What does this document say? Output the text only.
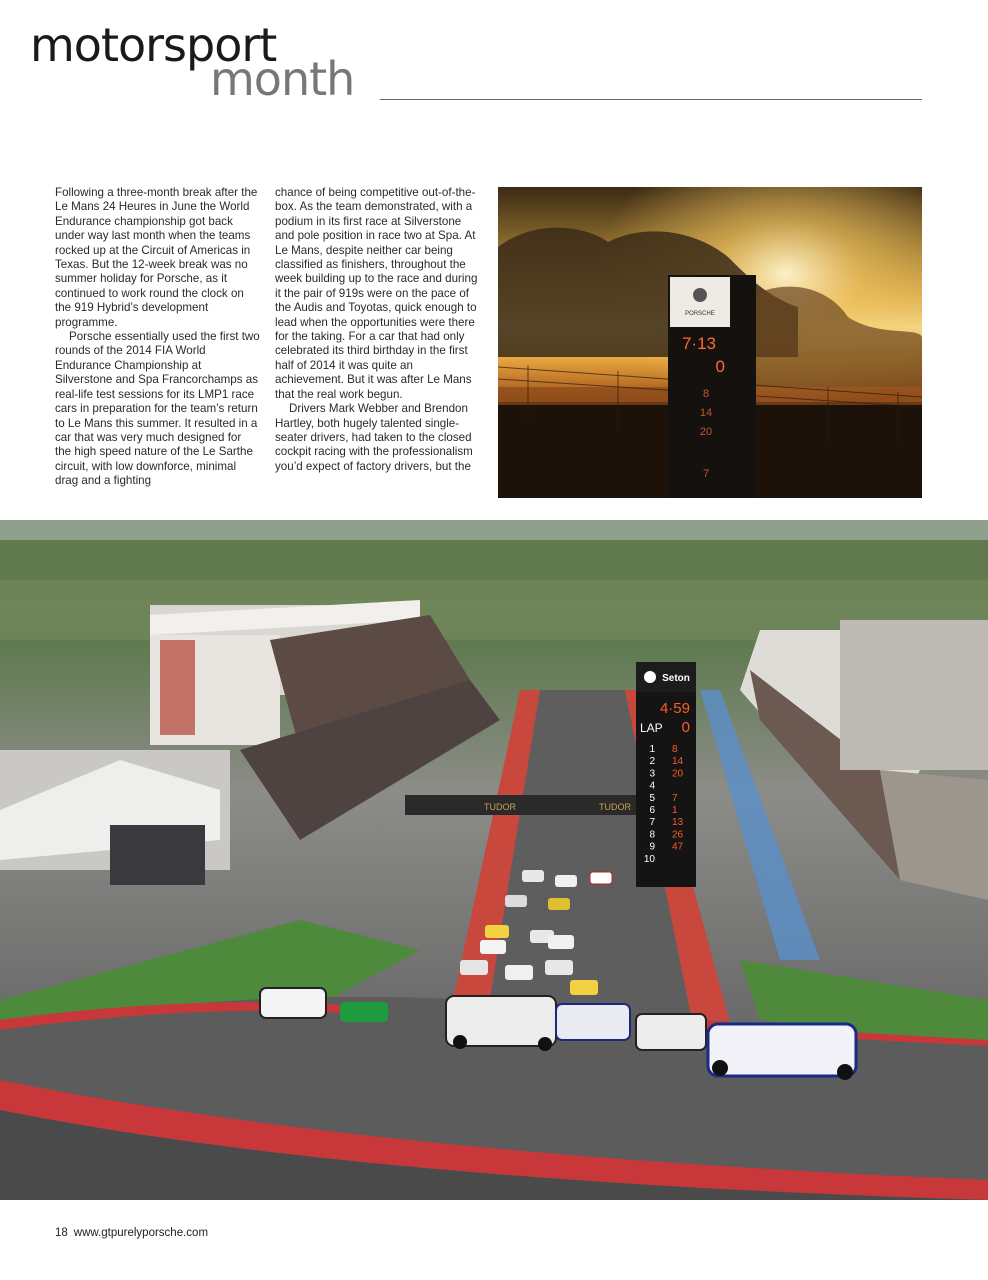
motorsport
month

Following a three-month break after the Le Mans 24 Heures in June the World Endurance championship got back under way last month when the teams rocked up at the Circuit of Americas in Texas. But the 12-week break was no summer holiday for Porsche, as it continued to work round the clock on the 919 Hybrid’s development programme.

Porsche essentially used the first two rounds of the 2014 FIA World Endurance Championship at Silverstone and Spa Francorchamps as real-life test sessions for its LMP1 race cars in preparation for the team’s return to Le Mans this summer. It resulted in a car that was very much designed for the high speed nature of the Le Sarthe circuit, with low downforce, minimal drag and a fighting

chance of being competitive out-of-the-box. As the team demonstrated, with a podium in its first race at Silverstone and pole position in race two at Spa. At Le Mans, despite neither car being classified as finishers, throughout the week building up to the race and during it the pair of 919s were on the pace of the Audis and Toyotas, quick enough to lead when the opportunities were there for the taking. For a car that had only celebrated its third birthday in the first half of 2014 it was quite an achievement. But it was after Le Mans that the real work begun.

Drivers Mark Webber and Brendon Hartley, both hugely talented single-seater drivers, had taken to the closed cockpit racing with the professionalism you’d expect of factory drivers, but the

PORSCHE
7·13
0
8
14
20
7
TUDOR	TUDOR
Seton
4·59
LAP 0
1 8
2 14
3 20
4
5 7
6 1
7 13
8 26
9 47
10
18 www.gtpurelyporsche.com
